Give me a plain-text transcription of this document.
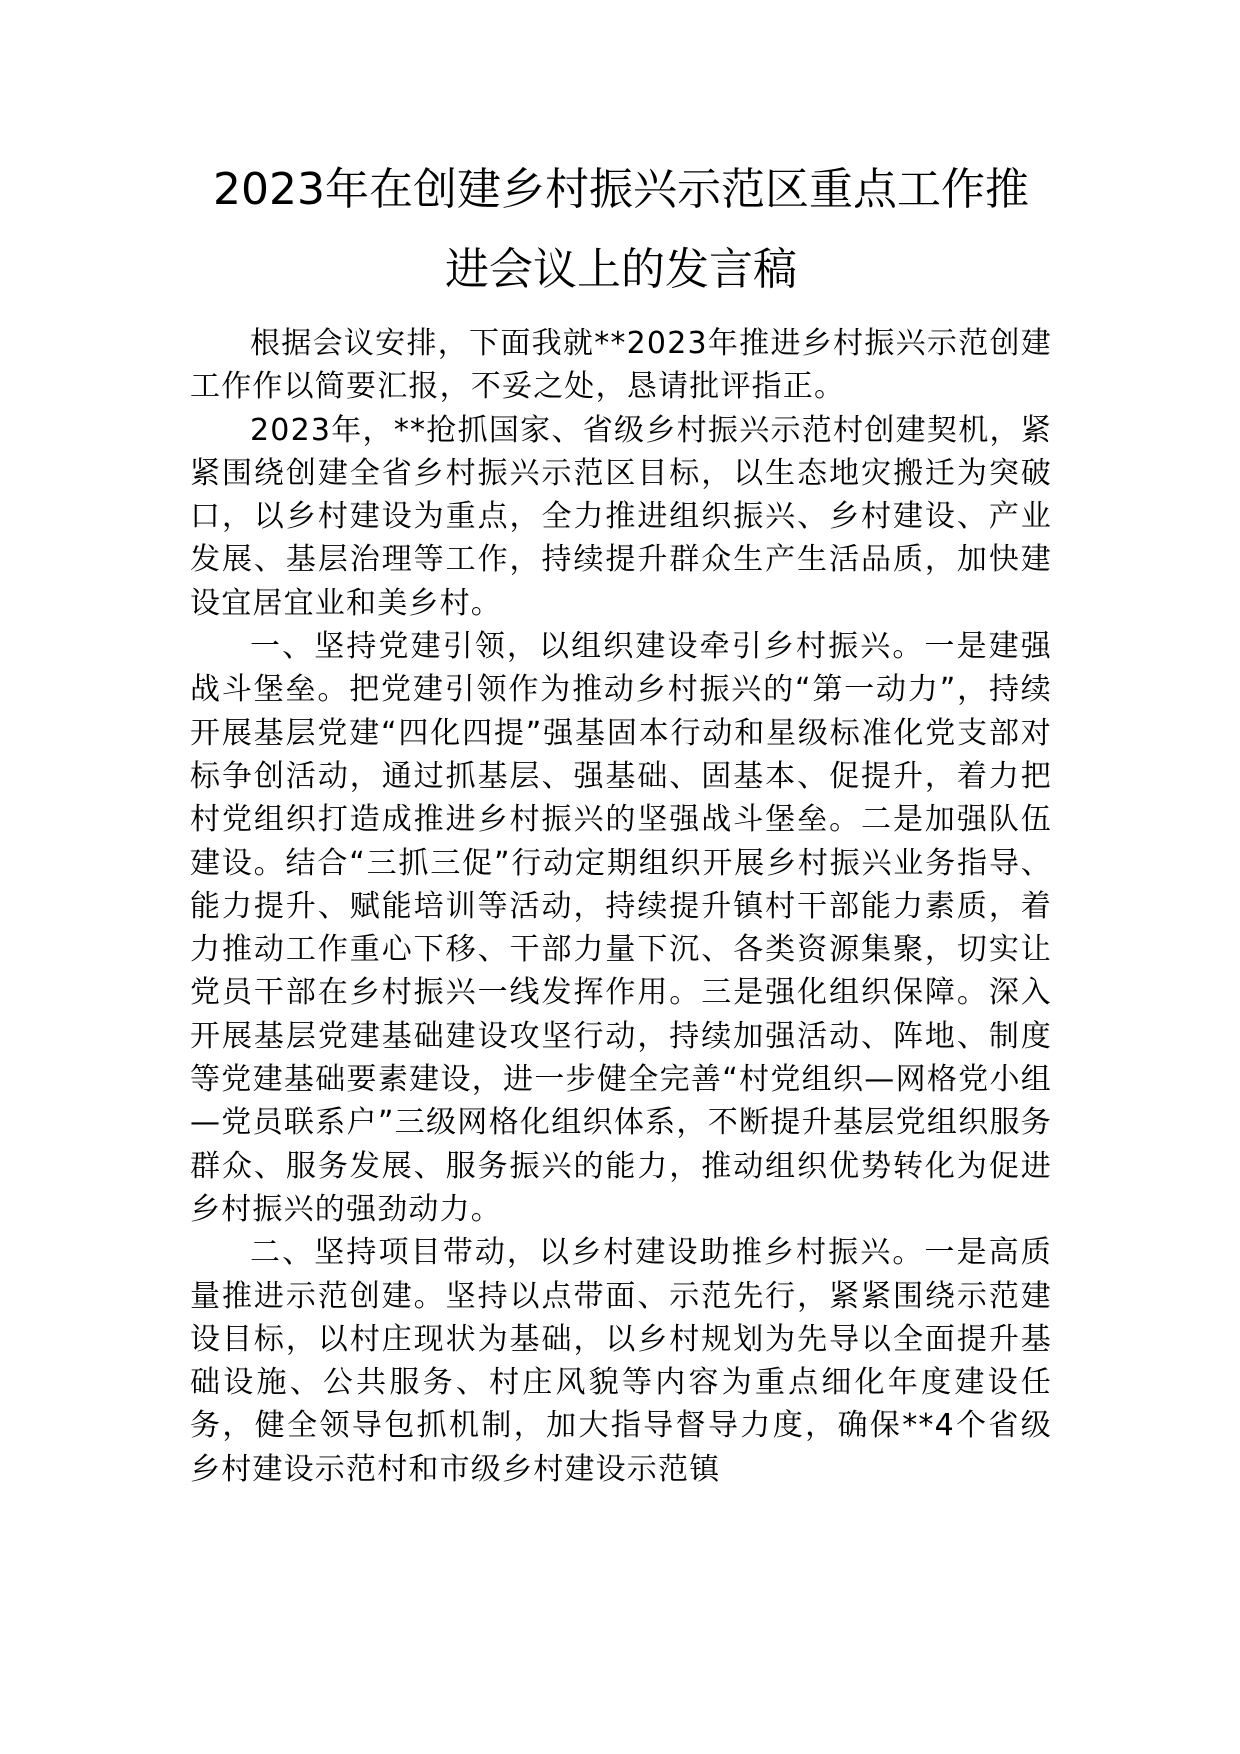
2023年在创建乡村振兴示范区重点工作推
进会议上的发言稿

根据会议安排，下面我就**2023年推进乡村振兴示范创建工作作以简要汇报，不妥之处，恳请批评指正。

2023年，**抢抓国家、省级乡村振兴示范村创建契机，紧紧围绕创建全省乡村振兴示范区目标，以生态地灾搬迁为突破口，以乡村建设为重点，全力推进组织振兴、乡村建设、产业发展、基层治理等工作，持续提升群众生产生活品质，加快建设宜居宜业和美乡村。

一、坚持党建引领，以组织建设牵引乡村振兴。一是建强战斗堡垒。把党建引领作为推动乡村振兴的“第一动力”，持续开展基层党建“四化四提”强基固本行动和星级标准化党支部对标争创活动，通过抓基层、强基础、固基本、促提升，着力把村党组织打造成推进乡村振兴的坚强战斗堡垒。二是加强队伍建设。结合“三抓三促”行动定期组织开展乡村振兴业务指导、能力提升、赋能培训等活动，持续提升镇村干部能力素质，着力推动工作重心下移、干部力量下沉、各类资源集聚，切实让党员干部在乡村振兴一线发挥作用。三是强化组织保障。深入开展基层党建基础建设攻坚行动，持续加强活动、阵地、制度等党建基础要素建设，进一步健全完善“村党组织—网格党小组—党员联系户”三级网格化组织体系，不断提升基层党组织服务群众、服务发展、服务振兴的能力，推动组织优势转化为促进乡村振兴的强劲动力。

二、坚持项目带动，以乡村建设助推乡村振兴。一是高质量推进示范创建。坚持以点带面、示范先行，紧紧围绕示范建设目标，以村庄现状为基础，以乡村规划为先导以全面提升基础设施、公共服务、村庄风貌等内容为重点细化年度建设任务，健全领导包抓机制，加大指导督导力度，确保**4个省级乡村建设示范村和市级乡村建设示范镇
